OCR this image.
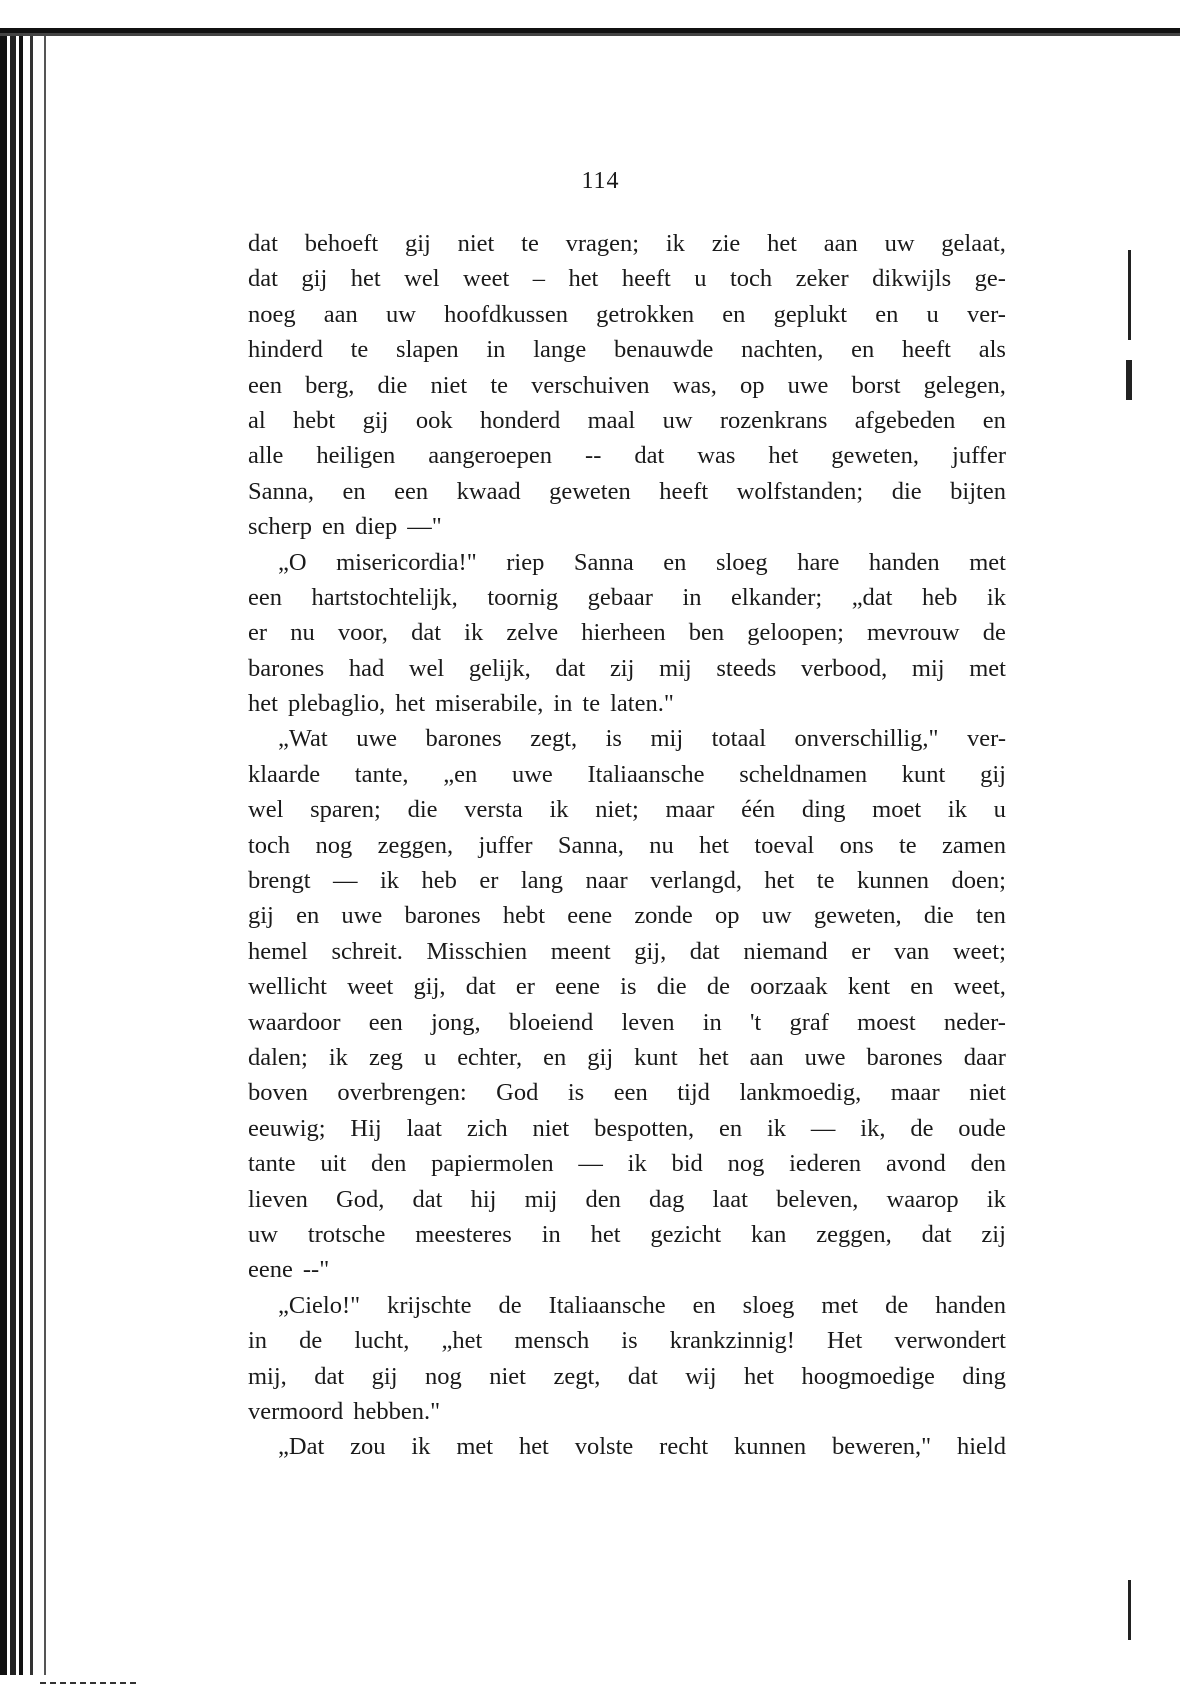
114
dat behoeft gij niet te vragen; ik zie het aan uw gelaat,
dat gij het wel weet – het heeft u toch zeker dikwijls ge-
noeg aan uw hoofdkussen getrokken en geplukt en u ver-
hinderd te slapen in lange benauwde nachten, en heeft als
een berg, die niet te verschuiven was, op uwe borst gelegen,
al hebt gij ook honderd maal uw rozenkrans afgebeden en
alle heiligen aangeroepen -- dat was het geweten, juffer
Sanna, en een kwaad geweten heeft wolfstanden; die bijten
scherp en diep —"
„O misericordia!" riep Sanna en sloeg hare handen met
een hartstochtelijk, toornig gebaar in elkander; „dat heb ik
er nu voor, dat ik zelve hierheen ben geloopen; mevrouw de
barones had wel gelijk, dat zij mij steeds verbood, mij met
het plebaglio, het miserabile, in te laten."
„Wat uwe barones zegt, is mij totaal onverschillig," ver-
klaarde tante, „en uwe Italiaansche scheldnamen kunt gij
wel sparen; die versta ik niet; maar één ding moet ik u
toch nog zeggen, juffer Sanna, nu het toeval ons te zamen
brengt — ik heb er lang naar verlangd, het te kunnen doen;
gij en uwe barones hebt eene zonde op uw geweten, die ten
hemel schreit. Misschien meent gij, dat niemand er van weet;
wellicht weet gij, dat er eene is die de oorzaak kent en weet,
waardoor een jong, bloeiend leven in 't graf moest neder-
dalen; ik zeg u echter, en gij kunt het aan uwe barones daar
boven overbrengen: God is een tijd lankmoedig, maar niet
eeuwig; Hij laat zich niet bespotten, en ik — ik, de oude
tante uit den papiermolen — ik bid nog iederen avond den
lieven God, dat hij mij den dag laat beleven, waarop ik
uw trotsche meesteres in het gezicht kan zeggen, dat zij
eene --"
„Cielo!" krijschte de Italiaansche en sloeg met de handen
in de lucht, „het mensch is krankzinnig! Het verwondert
mij, dat gij nog niet zegt, dat wij het hoogmoedige ding
vermoord hebben."
„Dat zou ik met het volste recht kunnen beweren," hield
